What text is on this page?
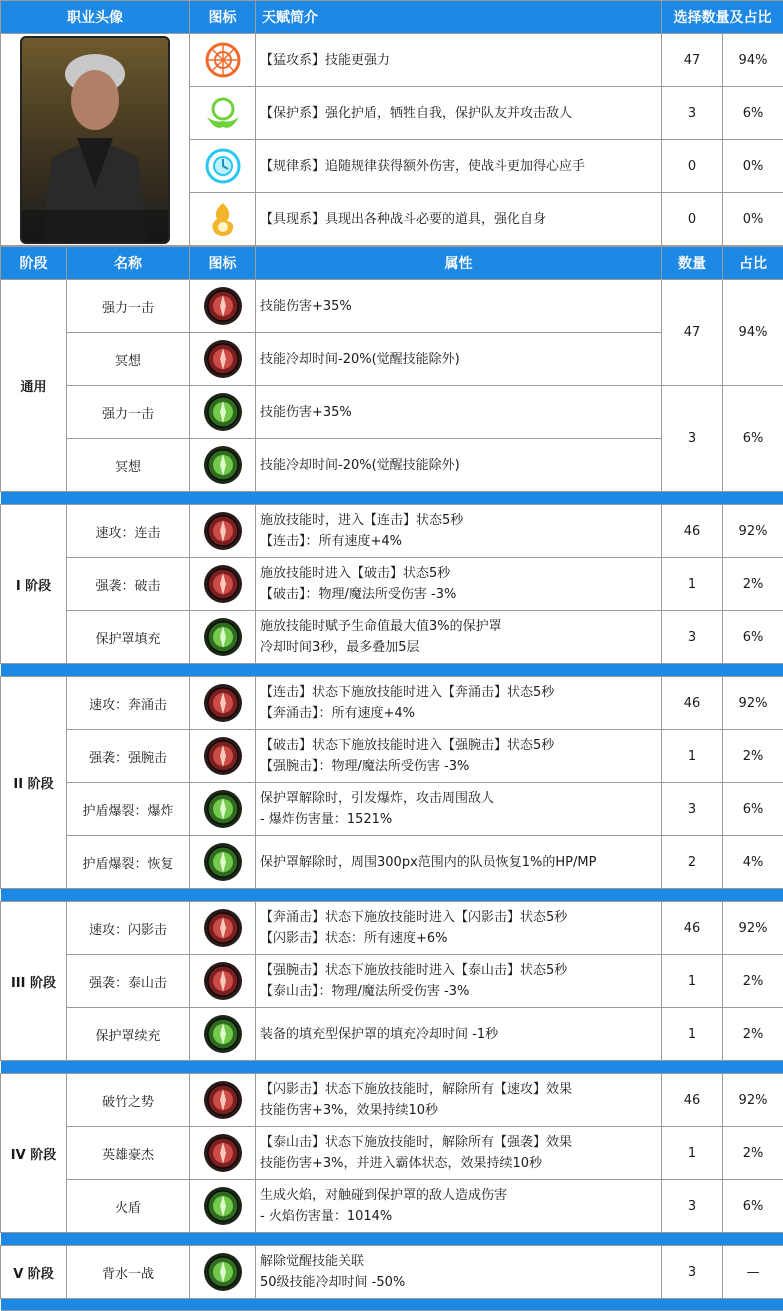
职业头像	图标	天赋简介	选择数量及占比	

	【猛攻系】技能更强力	47	94%

	【保护系】强化护盾，牺牲自我，保护队友并攻击敌人	3	6%

	【规律系】追随规律获得额外伤害，使战斗更加得心应手	0	0%

	【具现系】具现出各种战斗必要的道具，强化自身	0	0%
阶段	名称	图标	属性	数量	占比
通用	强力一击		技能伤害+35%	47	94%
	冥想		技能冷却时间-20%(觉醒技能除外)		

	强力一击		技能伤害+35%	3	6%
	冥想		技能冷却时间-20%(觉醒技能除外)		

I 阶段	速攻：连击		施放技能时，进入【连击】状态5秒
【连击】：所有速度+4%	46	92%
	强袭：破击		施放技能时进入【破击】状态5秒
【破击】：物理/魔法所受伤害 -3%	1	2%
	保护罩填充		施放技能时赋予生命值最大值3%的保护罩
冷却时间3秒，最多叠加5层	3	6%

II 阶段	速攻：奔涌击		【连击】状态下施放技能时进入【奔涌击】状态5秒
【奔涌击】：所有速度+4%	46	92%
	强袭：强腕击		【破击】状态下施放技能时进入【强腕击】状态5秒
【强腕击】：物理/魔法所受伤害 -3%	1	2%
	护盾爆裂：爆炸		保护罩解除时，引发爆炸，攻击周围敌人
- 爆炸伤害量：1521%	3	6%
	护盾爆裂：恢复		保护罩解除时，周围300px范围内的队员恢复1%的HP/MP	2	4%

III 阶段	速攻：闪影击		【奔涌击】状态下施放技能时进入【闪影击】状态5秒
【闪影击】状态：所有速度+6%	46	92%
	强袭：泰山击		【强腕击】状态下施放技能时进入【泰山击】状态5秒
【泰山击】：物理/魔法所受伤害 -3%	1	2%
	保护罩续充		装备的填充型保护罩的填充冷却时间 -1秒	1	2%

IV 阶段	破竹之势		【闪影击】状态下施放技能时，解除所有【速攻】效果
技能伤害+3%，效果持续10秒	46	92%
	英雄豪杰		【泰山击】状态下施放技能时，解除所有【强袭】效果
技能伤害+3%，并进入霸体状态，效果持续10秒	1	2%
	火盾		生成火焰，对触碰到保护罩的敌人造成伤害
- 火焰伤害量：1014%	3	6%

V 阶段	背水一战		解除觉醒技能关联
50级技能冷却时间 -50%	3	—
